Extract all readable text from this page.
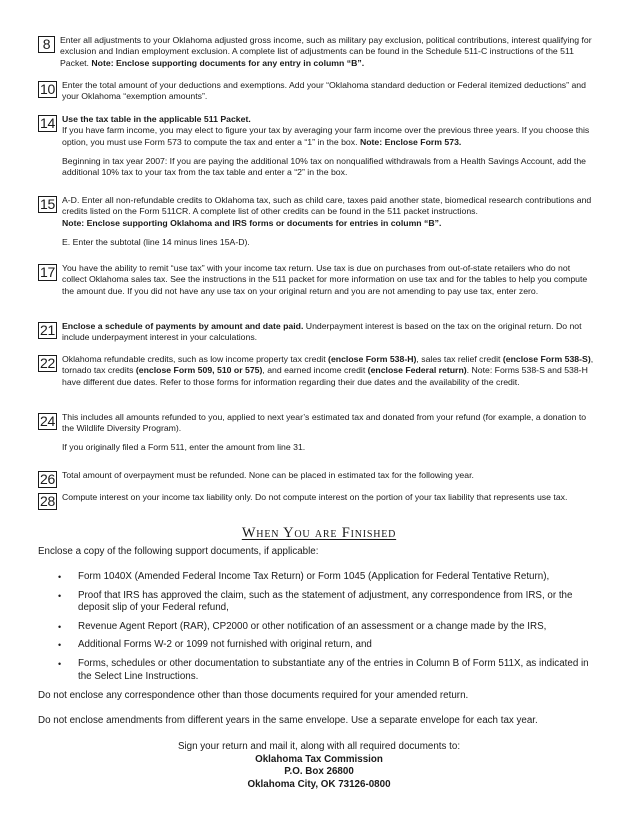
8	Enter all adjustments to your Oklahoma adjusted gross income, such as military pay exclusion, political contributions, interest qualifying for exclusion and Indian employment exclusion. A complete list of adjustments can be found in the Schedule 511-C instructions of the 511 Packet. Note: Enclose supporting documents for any entry in column “B”.

10 Enter the total amount of your deductions and exemptions. Add your “Oklahoma standard deduction or Federal itemized deductions” and your Oklahoma “exemption amounts”.

14 Use the tax table in the applicable 511 Packet.
If you have farm income, you may elect to figure your tax by averaging your farm income over the previous three years. If you choose this option, you must use Form 573 to compute the tax and enter a “1” in the box. Note: Enclose Form 573.

Beginning in tax year 2007: If you are paying the additional 10% tax on nonqualified withdrawals from a Health Savings Account, add the additional 10% tax to your tax from the tax table and enter a “2” in the box.

15 A-D. Enter all non-refundable credits to Oklahoma tax, such as child care, taxes paid another state, biomedical research contributions and credits listed on the Form 511CR. A complete list of other credits can be found in the 511 packet instructions.
Note: Enclose supporting Oklahoma and IRS forms or documents for entries in column “B”.

E. Enter the subtotal (line 14 minus lines 15A-D).

17 You have the ability to remit “use tax” with your income tax return. Use tax is due on purchases from out-of-state retailers who do not collect Oklahoma sales tax. See the instructions in the 511 packet for more information on use tax and for the tables to help you compute the amount due. If you did not have any use tax on your original return and you are not amending to pay use tax, enter zero.

21 Enclose a schedule of payments by amount and date paid. Underpayment interest is based on the tax on the original return. Do not include underpayment interest in your calculations.

22 Oklahoma refundable credits, such as low income property tax credit (enclose Form 538-H), sales tax relief credit (enclose Form 538-S), tornado tax credits (enclose Form 509, 510 or 575), and earned income credit (enclose Federal return). Note: Forms 538-S and 538-H have different due dates. Refer to those forms for information regarding their due dates and the availability of the credit.

24 This includes all amounts refunded to you, applied to next year’s estimated tax and donated from your refund (for example, a donation to the Wildlife Diversity Program).

If you originally filed a Form 511, enter the amount from line 31.

26 Total amount of overpayment must be refunded. None can be placed in estimated tax for the following year.

28 Compute interest on your income tax liability only. Do not compute interest on the portion of your tax liability that represents use tax.

When You are Finished
Enclose a copy of the following support documents, if applicable:
• Form 1040X (Amended Federal Income Tax Return) or Form 1045 (Application for Federal Tentative Return),
• Proof that IRS has approved the claim, such as the statement of adjustment, any correspondence from IRS, or the deposit slip of your Federal refund,
• Revenue Agent Report (RAR), CP2000 or other notification of an assessment or a change made by the IRS,
• Additional Forms W-2 or 1099 not furnished with original return, and
• Forms, schedules or other documentation to substantiate any of the entries in Column B of Form 511X, as indicated in the Select Line Instructions.
Do not enclose any correspondence other than those documents required for your amended return.
Do not enclose amendments from different years in the same envelope. Use a separate envelope for each tax year.
Sign your return and mail it, along with all required documents to:
Oklahoma Tax Commission
P.O. Box 26800
Oklahoma City, OK 73126-0800
